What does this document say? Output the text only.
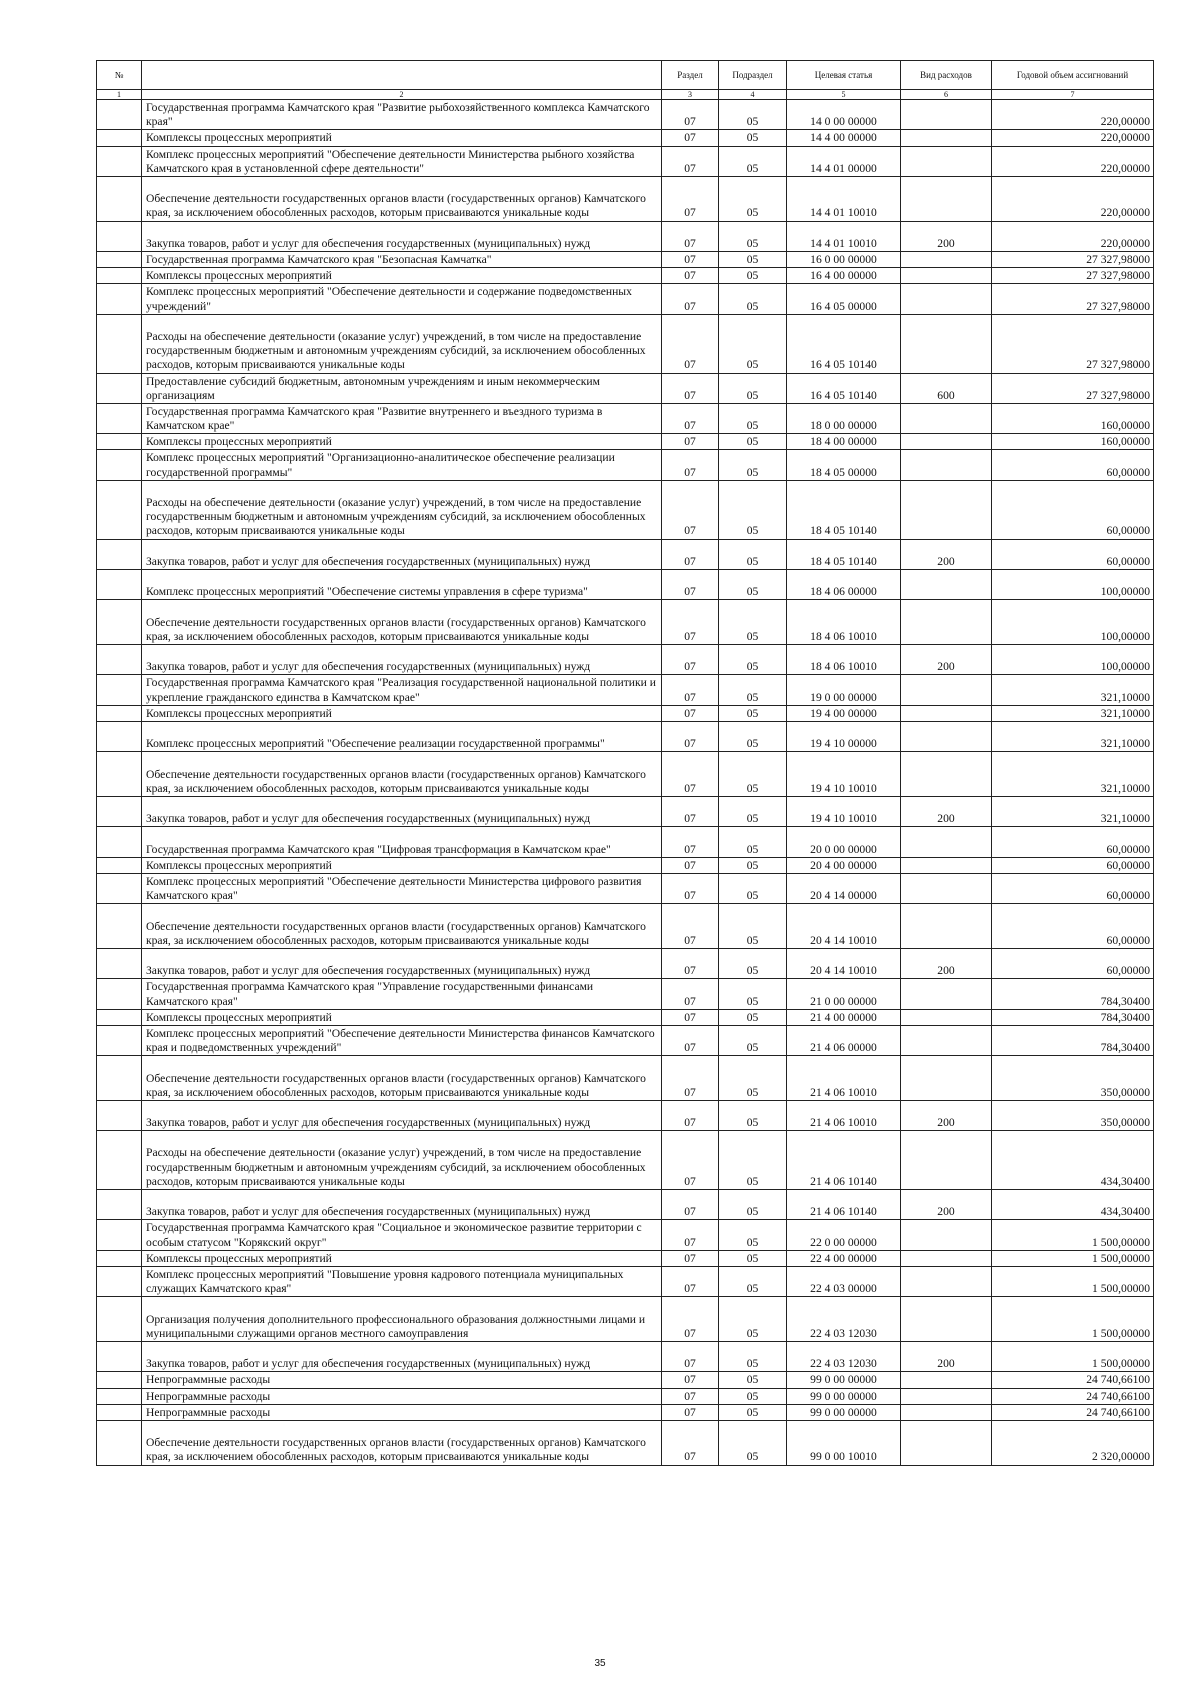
№		Раздел	Подраздел	Целевая статья	Вид расходов	Годовой объем ассигнований
1	2	3	4	5	6	7
	Государственная программа Камчатского края "Развитие рыбохозяйственного комплекса Камчатского края"	07	05	14 0 00 00000		220,00000
	Комплексы процессных мероприятий	07	05	14 4 00 00000		220,00000
	Комплекс процессных мероприятий "Обеспечение деятельности Министерства рыбного хозяйства Камчатского края в установленной сфере деятельности"	07	05	14 4 01 00000		220,00000
	Обеспечение деятельности государственных органов власти (государственных органов) Камчатского края, за исключением обособленных расходов, которым присваиваются уникальные коды	07	05	14 4 01 10010		220,00000
	Закупка товаров, работ и услуг для обеспечения государственных (муниципальных) нужд	07	05	14 4 01 10010	200	220,00000
	Государственная программа Камчатского края "Безопасная Камчатка"	07	05	16 0 00 00000		27 327,98000
	Комплексы процессных мероприятий	07	05	16 4 00 00000		27 327,98000
	Комплекс процессных мероприятий "Обеспечение деятельности и содержание подведомственных учреждений"	07	05	16 4 05 00000		27 327,98000
	Расходы на обеспечение деятельности (оказание услуг) учреждений, в том числе на предоставление государственным бюджетным и автономным учреждениям субсидий, за исключением обособленных расходов, которым присваиваются уникальные коды	07	05	16 4 05 10140		27 327,98000
	Предоставление субсидий бюджетным, автономным учреждениям и иным некоммерческим организациям	07	05	16 4 05 10140	600	27 327,98000
	Государственная программа Камчатского края "Развитие внутреннего и въездного туризма в Камчатском крае"	07	05	18 0 00 00000		160,00000
	Комплексы процессных мероприятий	07	05	18 4 00 00000		160,00000
	Комплекс процессных мероприятий "Организационно-аналитическое обеспечение реализации государственной программы"	07	05	18 4 05 00000		60,00000
	Расходы на обеспечение деятельности (оказание услуг) учреждений, в том числе на предоставление государственным бюджетным и автономным учреждениям субсидий, за исключением обособленных расходов, которым присваиваются уникальные коды	07	05	18 4 05 10140		60,00000
	Закупка товаров, работ и услуг для обеспечения государственных (муниципальных) нужд	07	05	18 4 05 10140	200	60,00000
	Комплекс процессных мероприятий "Обеспечение системы управления в сфере туризма"	07	05	18 4 06 00000		100,00000
	Обеспечение деятельности государственных органов власти (государственных органов) Камчатского края, за исключением обособленных расходов, которым присваиваются уникальные коды	07	05	18 4 06 10010		100,00000
	Закупка товаров, работ и услуг для обеспечения государственных (муниципальных) нужд	07	05	18 4 06 10010	200	100,00000
	Государственная программа Камчатского края "Реализация государственной национальной политики и укрепление гражданского единства в Камчатском крае"	07	05	19 0 00 00000		321,10000
	Комплексы процессных мероприятий	07	05	19 4 00 00000		321,10000
	Комплекс процессных мероприятий "Обеспечение реализации государственной программы"	07	05	19 4 10 00000		321,10000
	Обеспечение деятельности государственных органов власти (государственных органов) Камчатского края, за исключением обособленных расходов, которым присваиваются уникальные коды	07	05	19 4 10 10010		321,10000
	Закупка товаров, работ и услуг для обеспечения государственных (муниципальных) нужд	07	05	19 4 10 10010	200	321,10000
	Государственная программа Камчатского края "Цифровая трансформация в Камчатском крае"	07	05	20 0 00 00000		60,00000
	Комплексы процессных мероприятий	07	05	20 4 00 00000		60,00000
	Комплекс процессных мероприятий "Обеспечение деятельности Министерства цифрового развития Камчатского края"	07	05	20 4 14 00000		60,00000
	Обеспечение деятельности государственных органов власти (государственных органов) Камчатского края, за исключением обособленных расходов, которым присваиваются уникальные коды	07	05	20 4 14 10010		60,00000
	Закупка товаров, работ и услуг для обеспечения государственных (муниципальных) нужд	07	05	20 4 14 10010	200	60,00000
	Государственная программа Камчатского края "Управление государственными финансами Камчатского края"	07	05	21 0 00 00000		784,30400
	Комплексы процессных мероприятий	07	05	21 4 00 00000		784,30400
	Комплекс процессных мероприятий "Обеспечение деятельности Министерства финансов Камчатского края и подведомственных учреждений"	07	05	21 4 06 00000		784,30400
	Обеспечение деятельности государственных органов власти (государственных органов) Камчатского края, за исключением обособленных расходов, которым присваиваются уникальные коды	07	05	21 4 06 10010		350,00000
	Закупка товаров, работ и услуг для обеспечения государственных (муниципальных) нужд	07	05	21 4 06 10010	200	350,00000
	Расходы на обеспечение деятельности (оказание услуг) учреждений, в том числе на предоставление государственным бюджетным и автономным учреждениям субсидий, за исключением обособленных расходов, которым присваиваются уникальные коды	07	05	21 4 06 10140		434,30400
	Закупка товаров, работ и услуг для обеспечения государственных (муниципальных) нужд	07	05	21 4 06 10140	200	434,30400
	Государственная программа Камчатского края "Социальное и экономическое развитие территории с особым статусом "Корякский округ"	07	05	22 0 00 00000		1 500,00000
	Комплексы процессных мероприятий	07	05	22 4 00 00000		1 500,00000
	Комплекс процессных мероприятий "Повышение уровня кадрового потенциала муниципальных служащих Камчатского края"	07	05	22 4 03 00000		1 500,00000
	Организация получения дополнительного профессионального образования должностными лицами и муниципальными служащими органов местного самоуправления	07	05	22 4 03 12030		1 500,00000
	Закупка товаров, работ и услуг для обеспечения государственных (муниципальных) нужд	07	05	22 4 03 12030	200	1 500,00000
	Непрограммные расходы	07	05	99 0 00 00000		24 740,66100
	Непрограммные расходы	07	05	99 0 00 00000		24 740,66100
	Непрограммные расходы	07	05	99 0 00 00000		24 740,66100
	Обеспечение деятельности государственных органов власти (государственных органов) Камчатского края, за исключением обособленных расходов, которым присваиваются уникальные коды	07	05	99 0 00 10010		2 320,00000
35
